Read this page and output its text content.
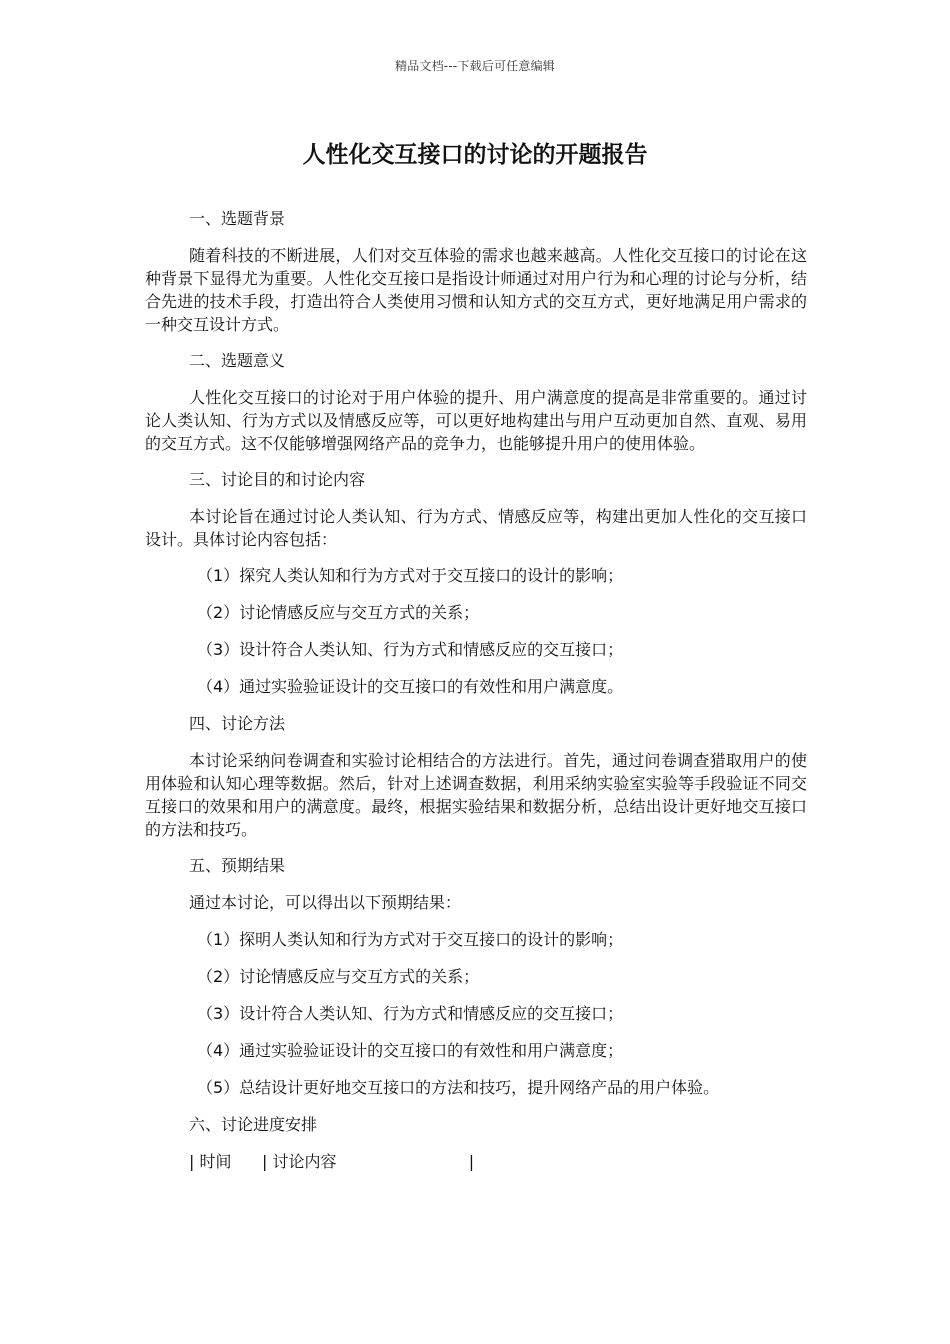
精品文档---下载后可任意编辑
人性化交互接口的讨论的开题报告

一、选题背景

随着科技的不断进展，人们对交互体验的需求也越来越高。人性化交互接口的讨论在这种背景下显得尤为重要。人性化交互接口是指设计师通过对用户行为和心理的讨论与分析，结合先进的技术手段，打造出符合人类使用习惯和认知方式的交互方式，更好地满足用户需求的一种交互设计方式。

二、选题意义

人性化交互接口的讨论对于用户体验的提升、用户满意度的提高是非常重要的。通过讨论人类认知、行为方式以及情感反应等，可以更好地构建出与用户互动更加自然、直观、易用的交互方式。这不仅能够增强网络产品的竞争力，也能够提升用户的使用体验。

三、讨论目的和讨论内容

本讨论旨在通过讨论人类认知、行为方式、情感反应等，构建出更加人性化的交互接口设计。具体讨论内容包括：

（1）探究人类认知和行为方式对于交互接口的设计的影响；
（2）讨论情感反应与交互方式的关系；
（3）设计符合人类认知、行为方式和情感反应的交互接口；
（4）通过实验验证设计的交互接口的有效性和用户满意度。

四、讨论方法

本讨论采纳问卷调查和实验讨论相结合的方法进行。首先，通过问卷调查猎取用户的使用体验和认知心理等数据。然后，针对上述调查数据，利用采纳实验室实验等手段验证不同交互接口的效果和用户的满意度。最终，根据实验结果和数据分析，总结出设计更好地交互接口的方法和技巧。

五、预期结果

通过本讨论，可以得出以下预期结果：

（1）探明人类认知和行为方式对于交互接口的设计的影响；
（2）讨论情感反应与交互方式的关系；
（3）设计符合人类认知、行为方式和情感反应的交互接口；
（4）通过实验验证设计的交互接口的有效性和用户满意度；
（5）总结设计更好地交互接口的方法和技巧，提升网络产品的用户体验。

六、讨论进度安排

| 时间      | 讨论内容                          |
